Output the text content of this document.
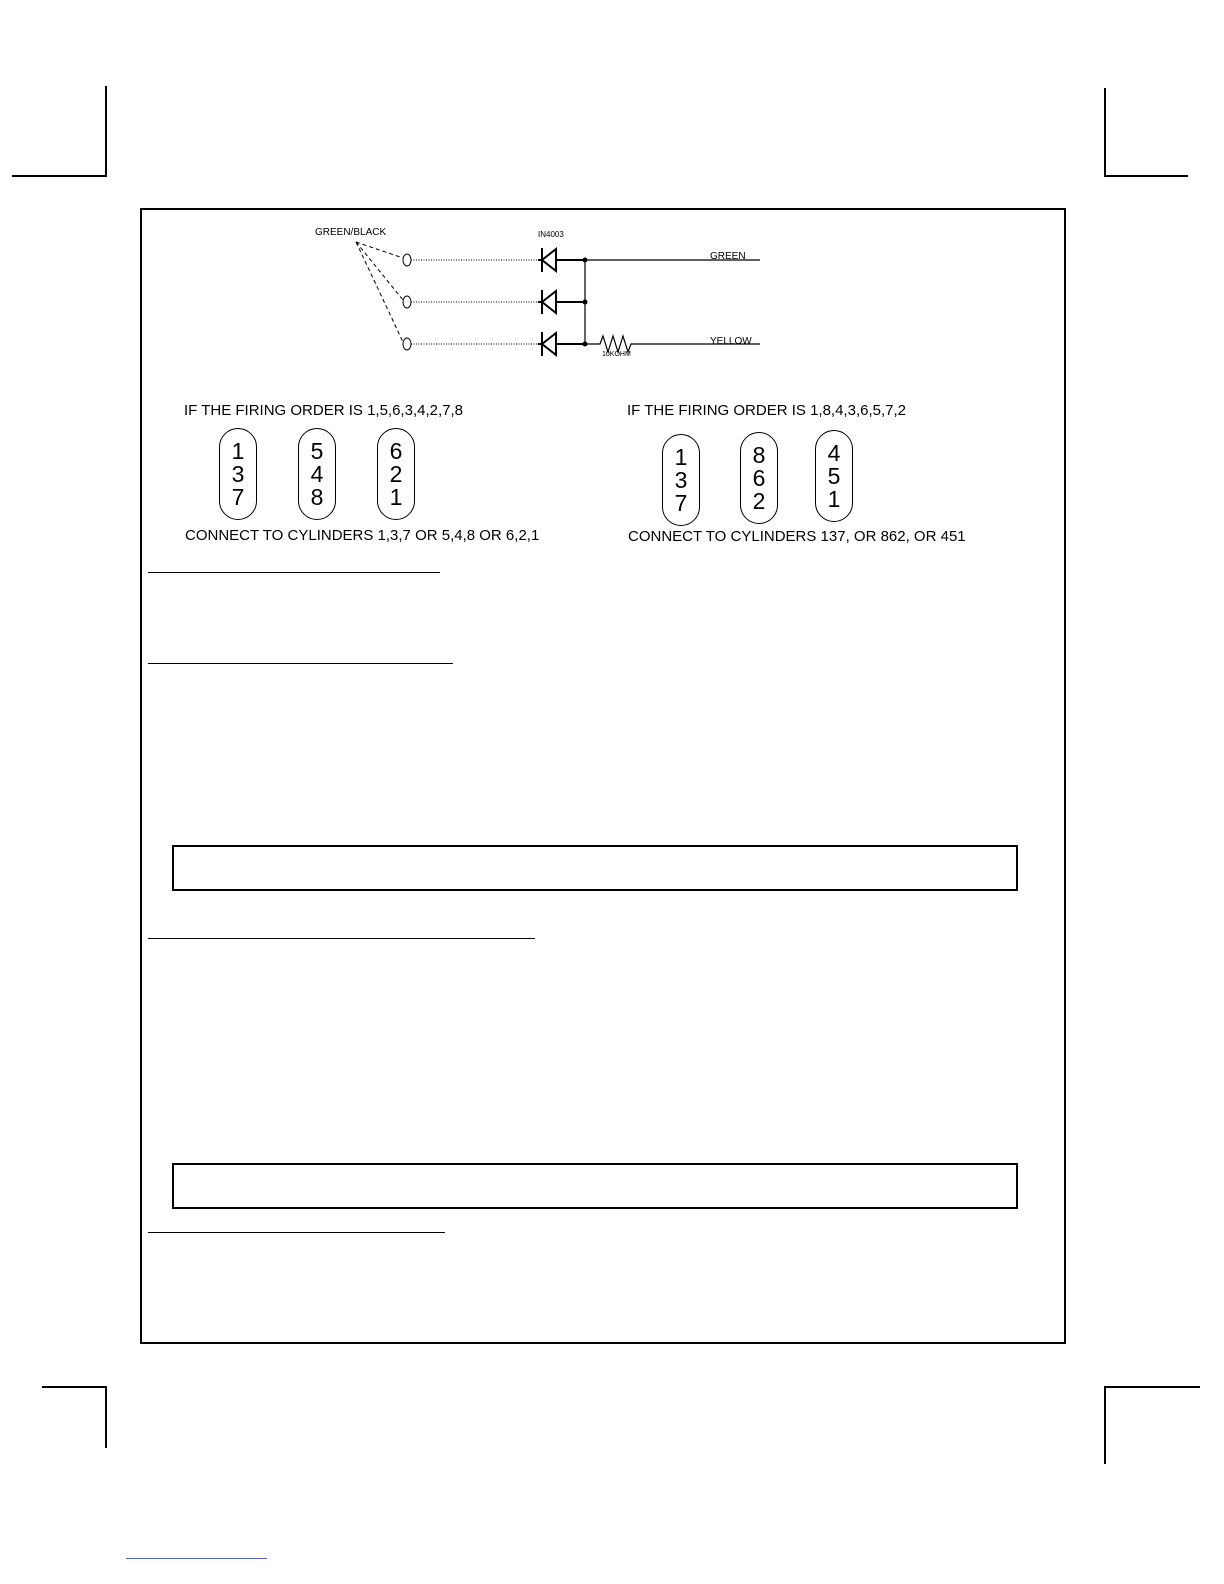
GREEN/BLACK	IN4003
GREEN
10KOHM
YELLOW
IF THE FIRING ORDER IS 1,5,6,3,4,2,7,8
1
3
7
5
4
8
6
2
1
CONNECT TO CYLINDERS 1,3,7 OR 5,4,8 OR 6,2,1
IF THE FIRING ORDER IS 1,8,4,3,6,5,7,2
1
3
7
8
6
2
4
5
1
CONNECT TO CYLINDERS 137, OR 862, OR 451
